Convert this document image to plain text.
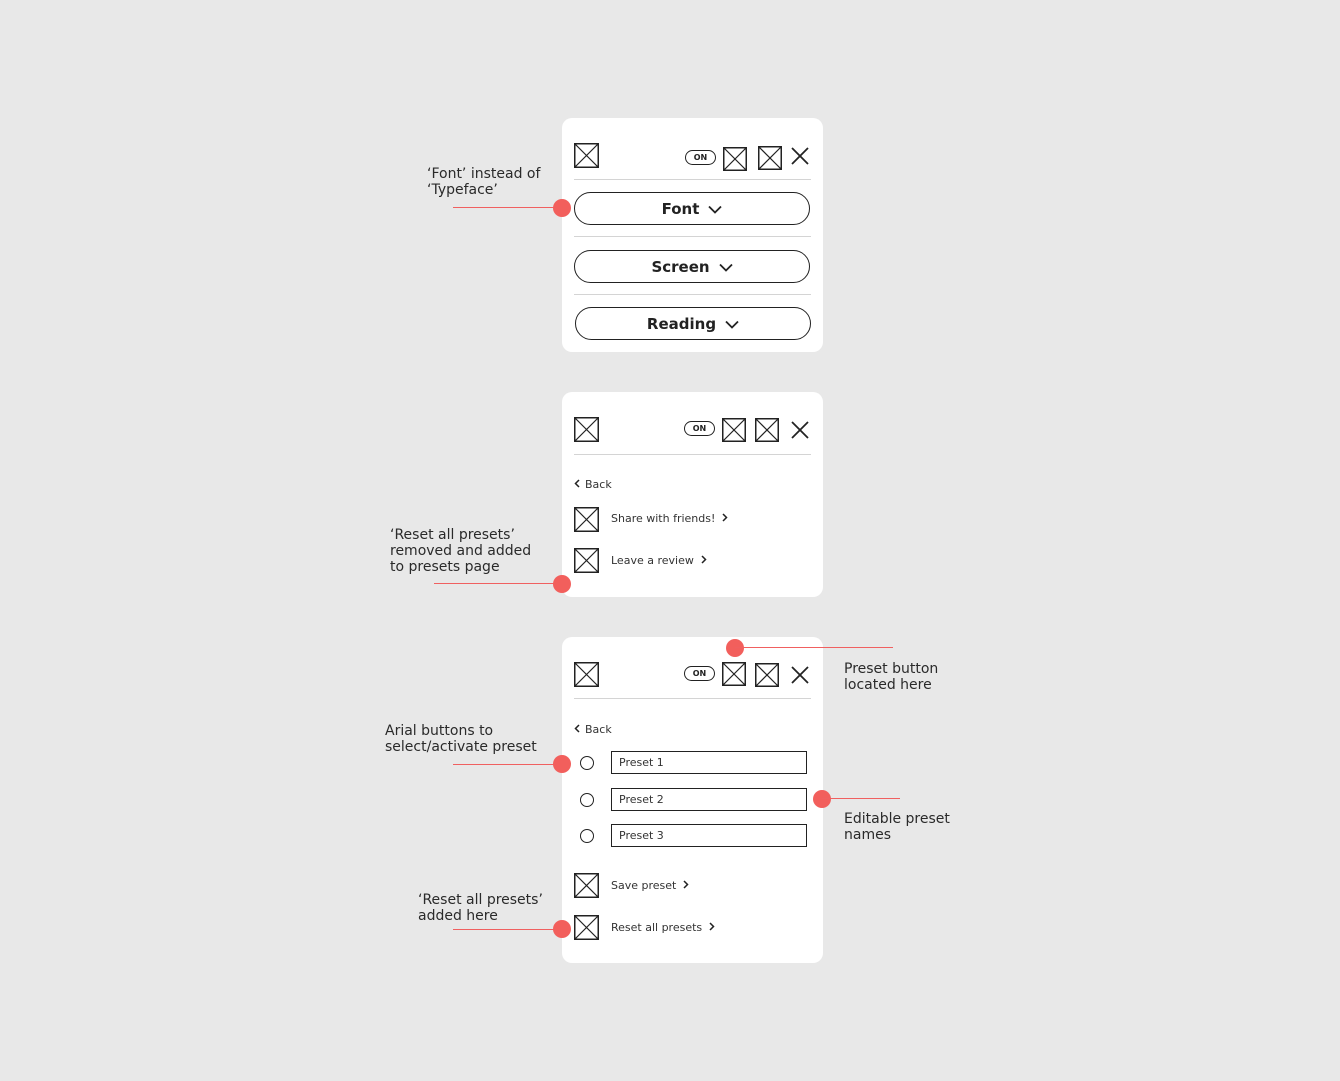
ON
Font
Screen
Reading
ON
Back
Share with friends!
Leave a review
ON
Back
Preset 1
Preset 2
Preset 3
Save preset
Reset all presets
‘Font’ instead of
‘Typeface’
‘Reset all presets’
removed and added
to presets page
Preset button
located here
Arial buttons to
select/activate preset
Editable preset
names
‘Reset all presets’
added here
